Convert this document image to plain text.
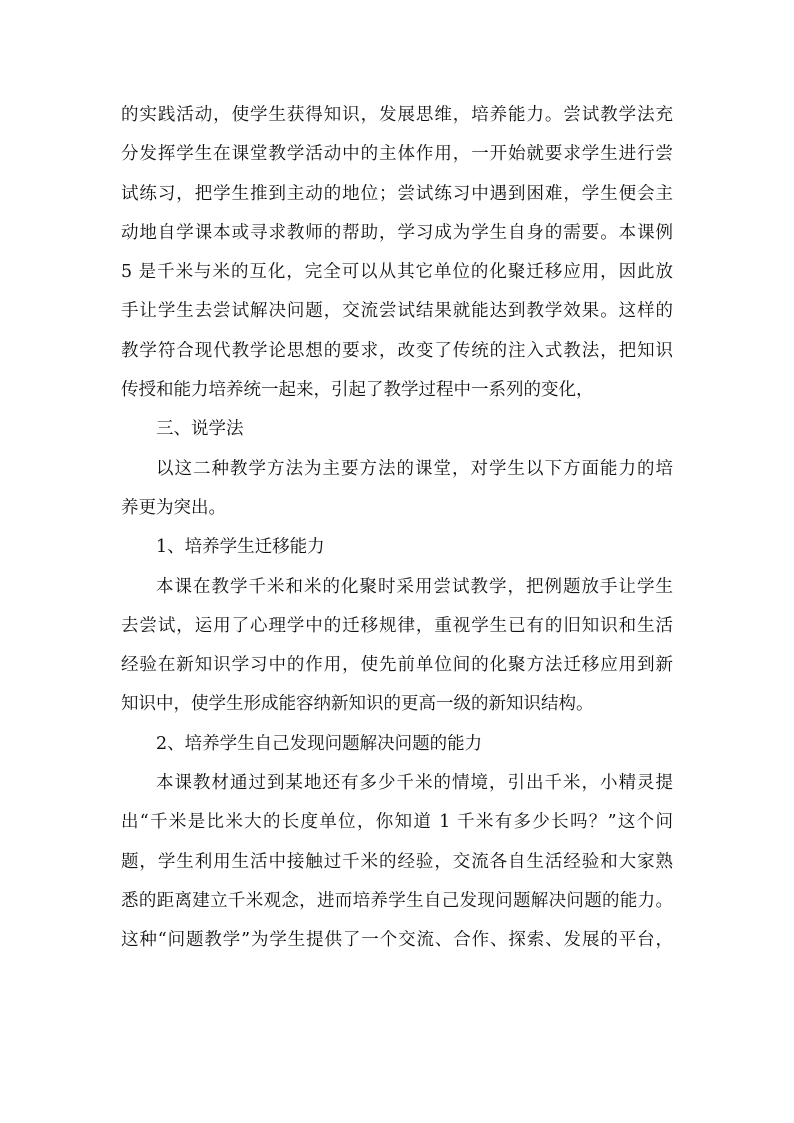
的实践活动，使学生获得知识，发展思维，培养能力。尝试教学法充
分发挥学生在课堂教学活动中的主体作用，一开始就要求学生进行尝
试练习，把学生推到主动的地位；尝试练习中遇到困难，学生便会主
动地自学课本或寻求教师的帮助，学习成为学生自身的需要。本课例
5 是千米与米的互化，完全可以从其它单位的化聚迁移应用，因此放
手让学生去尝试解决问题，交流尝试结果就能达到教学效果。这样的
教学符合现代教学论思想的要求，改变了传统的注入式教法，把知识
传授和能力培养统一起来，引起了教学过程中一系列的变化，
三、说学法
以这二种教学方法为主要方法的课堂，对学生以下方面能力的培
养更为突出。
1、培养学生迁移能力
本课在教学千米和米的化聚时采用尝试教学，把例题放手让学生
去尝试，运用了心理学中的迁移规律，重视学生已有的旧知识和生活
经验在新知识学习中的作用，使先前单位间的化聚方法迁移应用到新
知识中，使学生形成能容纳新知识的更高一级的新知识结构。
2、培养学生自己发现问题解决问题的能力
本课教材通过到某地还有多少千米的情境，引出千米，小精灵提
出“千米是比米大的长度单位，你知道 1 千米有多少长吗？”这个问
题，学生利用生活中接触过千米的经验，交流各自生活经验和大家熟
悉的距离建立千米观念，进而培养学生自己发现问题解决问题的能力。
这种“问题教学”为学生提供了一个交流、合作、探索、发展的平台，
